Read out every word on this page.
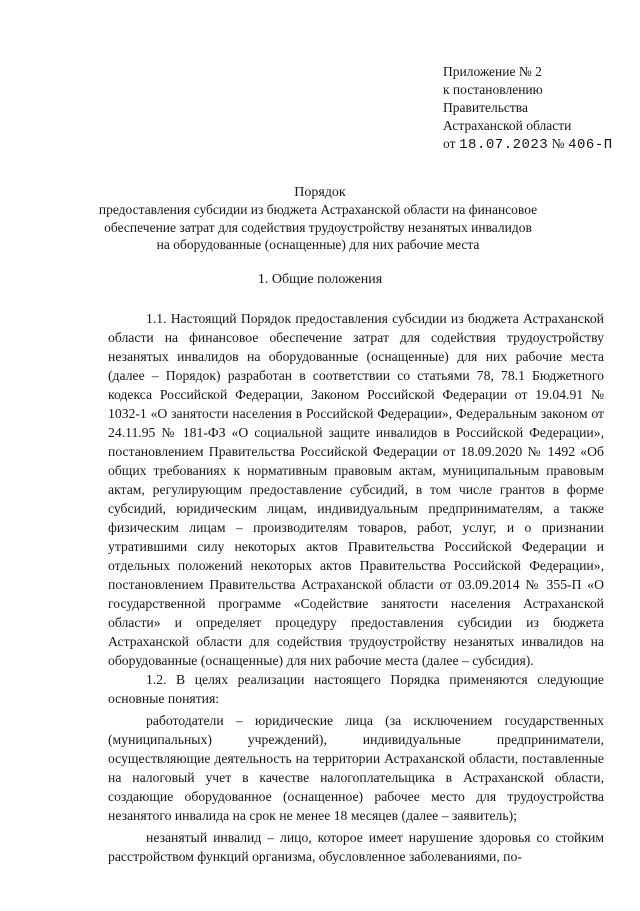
Приложение № 2
к постановлению
Правительства
Астраханской области
от 18.07.2023 № 406-П
Порядок
предоставления субсидии из бюджета Астраханской области на финансовое обеспечение затрат для содействия трудоустройству незанятых инвалидов на оборудованные (оснащенные) для них рабочие места
1. Общие положения

1.1. Настоящий Порядок предоставления субсидии из бюджета Астраханской области на финансовое обеспечение затрат для содействия трудоустройству незанятых инвалидов на оборудованные (оснащенные) для них рабочие места (далее – Порядок) разработан в соответствии со статьями 78, 78.1 Бюджетного кодекса Российской Федерации, Законом Российской Федерации от 19.04.91 № 1032-1 «О занятости населения в Российской Федерации», Федеральным законом от 24.11.95 № 181-ФЗ «О социальной защите инвалидов в Российской Федерации», постановлением Правительства Российской Федерации от 18.09.2020 № 1492 «Об общих требованиях к нормативным правовым актам, муниципальным правовым актам, регулирующим предоставление субсидий, в том числе грантов в форме субсидий, юридическим лицам, индивидуальным предпринимателям, а также физическим лицам – производителям товаров, работ, услуг, и о признании утратившими силу некоторых актов Правительства Российской Федерации и отдельных положений некоторых актов Правительства Российской Федерации», постановлением Правительства Астраханской области от 03.09.2014 № 355-П «О государственной программе «Содействие занятости населения Астраханской области» и определяет процедуру предоставления субсидии из бюджета Астраханской области для содействия трудоустройству незанятых инвалидов на оборудованные (оснащенные) для них рабочие места (далее – субсидия).

1.2. В целях реализации настоящего Порядка применяются следующие основные понятия:

работодатели – юридические лица (за исключением государственных (муниципальных) учреждений), индивидуальные предприниматели, осуществляющие деятельность на территории Астраханской области, поставленные на налоговый учет в качестве налогоплательщика в Астраханской области, создающие оборудованное (оснащенное) рабочее место для трудоустройства незанятого инвалида на срок не менее 18 месяцев (далее – заявитель);

незанятый инвалид – лицо, которое имеет нарушение здоровья со стойким расстройством функций организма, обусловленное заболеваниями, по-
